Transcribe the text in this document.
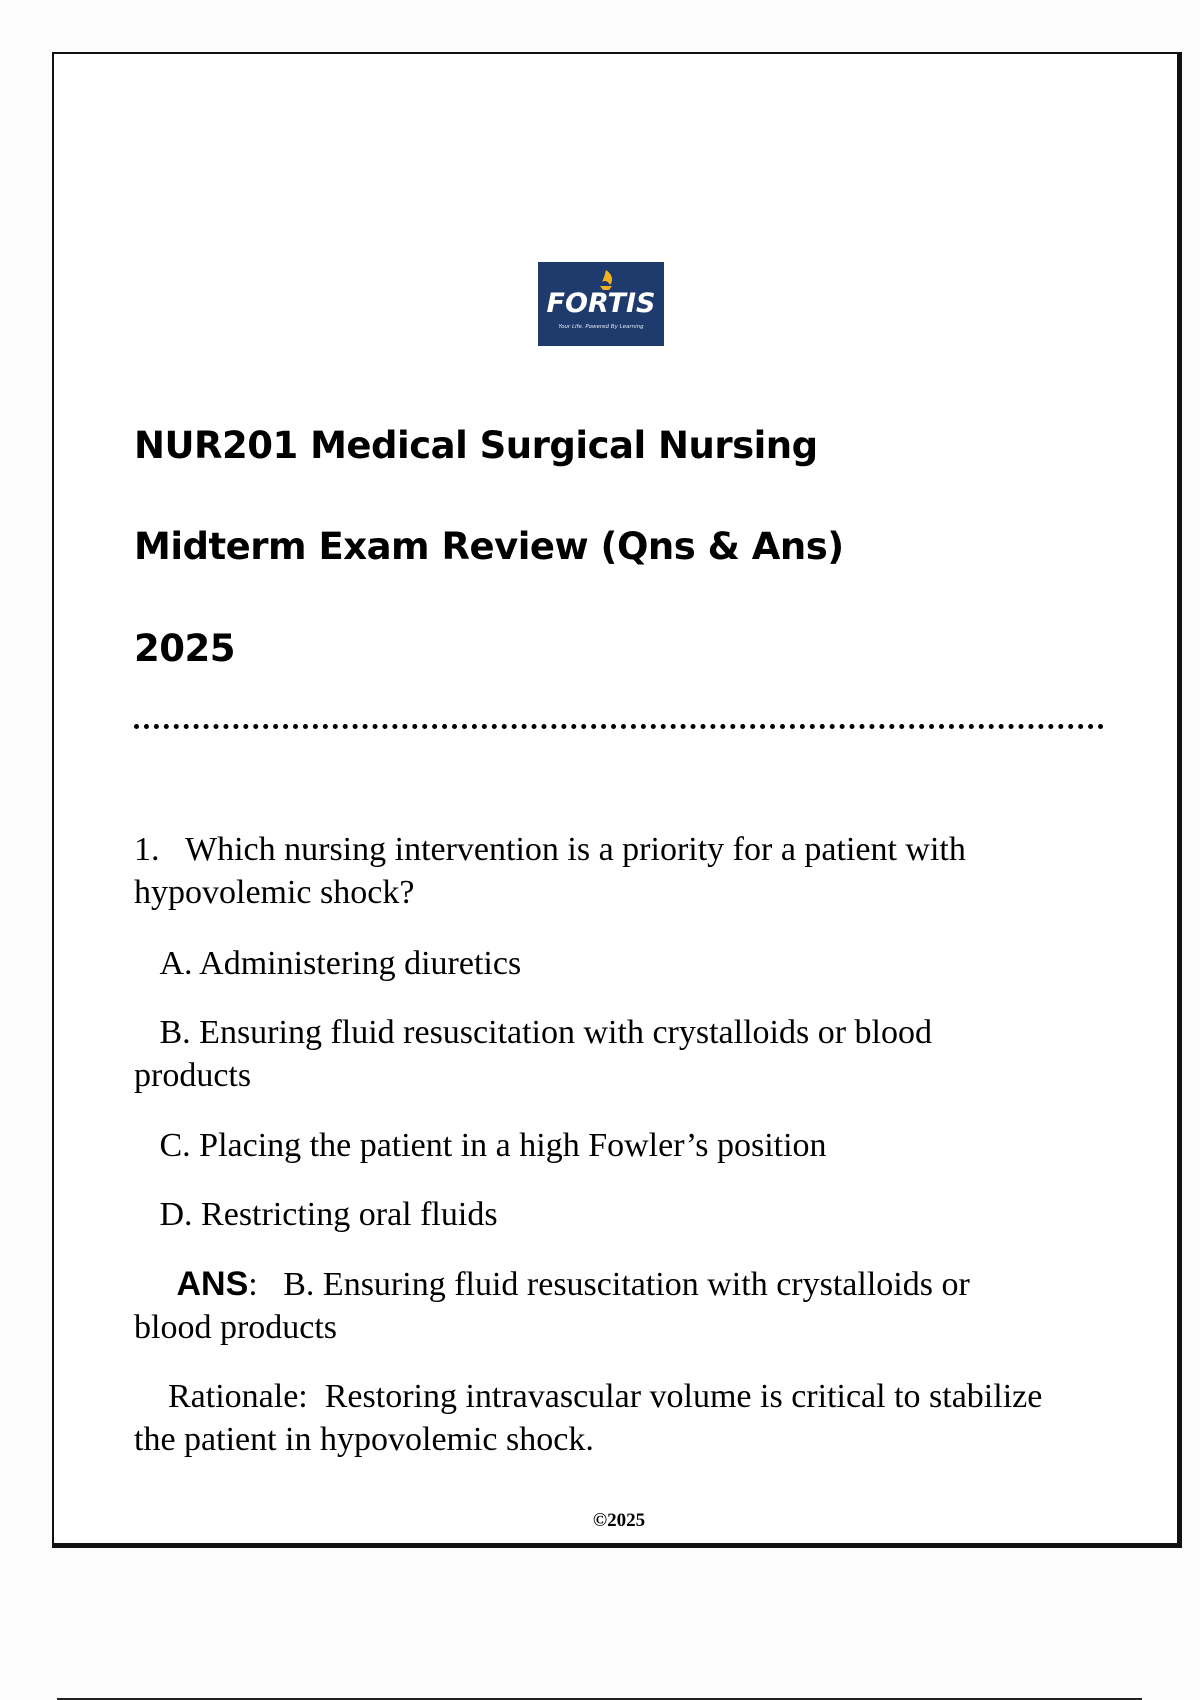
©2025
FORTIS
Your Life. Powered By Learning
NUR201 Medical Surgical Nursing
Midterm Exam Review (Qns & Ans)
2025
1. Which nursing intervention is a priority for a patient with hypovolemic shock?
A. Administering diuretics
B. Ensuring fluid resuscitation with crystalloids or blood products
C. Placing the patient in a high Fowler’s position
D. Restricting oral fluids
ANS:   B. Ensuring fluid resuscitation with crystalloids or blood products
Rationale: Restoring intravascular volume is critical to stabilize the patient in hypovolemic shock.
